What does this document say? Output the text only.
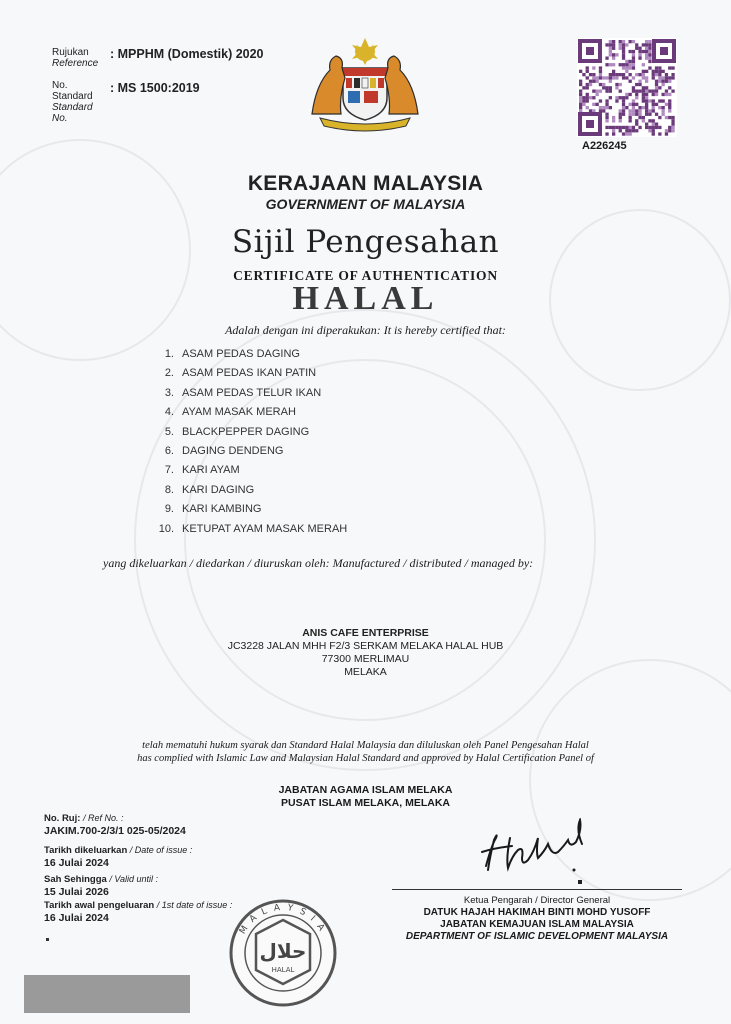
Rujukan
Reference
: MPPHM (Domestik) 2020
No.
Standard
Standard
No.
: MS 1500:2019
A226245
KERAJAAN MALAYSIA
GOVERNMENT OF MALAYSIA
Sijil Pengesahan
CERTIFICATE OF AUTHENTICATION
HALAL
Adalah dengan ini diperakukan: It is hereby certified that:
1. ASAM PEDAS DAGING
2. ASAM PEDAS IKAN PATIN
3. ASAM PEDAS TELUR IKAN
4. AYAM MASAK MERAH
5. BLACKPEPPER DAGING
6. DAGING DENDENG
7. KARI AYAM
8. KARI DAGING
9. KARI KAMBING
10. KETUPAT AYAM MASAK MERAH
yang dikeluarkan / diedarkan / diuruskan oleh: Manufactured / distributed / managed by:
ANIS CAFE ENTERPRISE
JC3228 JALAN MHH F2/3 SERKAM MELAKA HALAL HUB
77300 MERLIMAU
MELAKA
telah mematuhi hukum syarak dan Standard Halal Malaysia dan diluluskan oleh Panel Pengesahan Halal
has complied with Islamic Law and Malaysian Halal Standard and approved by Halal Certification Panel of
JABATAN AGAMA ISLAM MELAKA
PUSAT ISLAM MELAKA, MELAKA
No. Ruj: / Ref No. :
JAKIM.700-2/3/1 025-05/2024
Tarikh dikeluarkan / Date of issue :
16 Julai 2024
Sah Sehingga / Valid until :
15 Julai 2026
Tarikh awal pengeluaran / 1st date of issue :
16 Julai 2024
Ketua Pengarah / Director General
DATUK HAJAH HAKIMAH BINTI MOHD YUSOFF
JABATAN KEMAJUAN ISLAM MALAYSIA
DEPARTMENT OF ISLAMIC DEVELOPMENT MALAYSIA
M A L A Y S I A
حلال
HALAL
